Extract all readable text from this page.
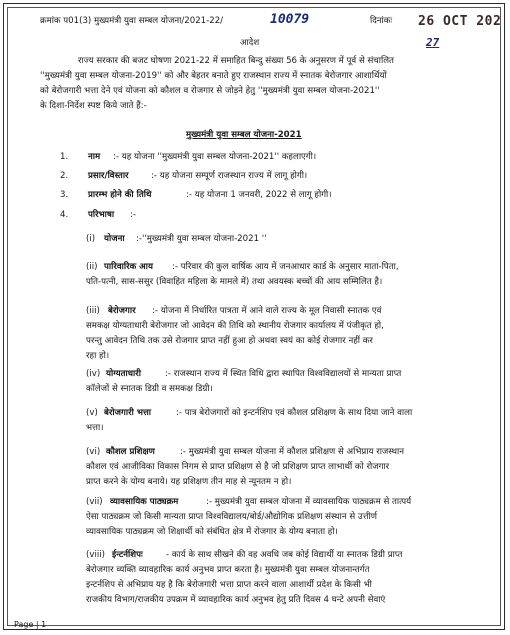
क्रमांक प01(3) मुख्यमंत्री युवा सम्बल योजना/2021-22/	10079	दिनांकः 26 OCT 202
27
आदेश
राज्य सरकार की बजट घोषणा 2021-22 में समाहित बिन्दु संख्या 56 के अनुसरण में पूर्व से संचालित
''मुख्यमंत्री युवा सम्बल योजना-2019'' को और बेहतर बनाते हुए राजस्थान राज्य में स्नातक बेरोजगार आशार्थियों
को बेरोजगारी भत्ता देने एवं योजना को कौशल व रोजगार से जोड़ने हेतु ''मुख्यमंत्री युवा सम्बल योजना-2021''
के दिशा-निर्देश स्पष्ट किये जाते हैं:-
मुख्यमंत्री युवा सम्बल योजना-2021
1. नाम :- यह योजना ''मुख्यमंत्री युवा सम्बल योजना-2021'' कहलाएगी।
2. प्रसार/विस्तार	:- यह योजना सम्पूर्ण राजस्थान राज्य में लागू होगी।
3. प्रारम्भ होने की तिथि	:- यह योजना 1 जनवरी, 2022 से लागू होगी।
4. परिभाषा :-
(i) योजना :-''मुख्यमंत्री युवा सम्बल योजना-2021 ''
(ii) पारिवारिक आय :- परिवार की कुल वार्षिक आय में जनआधार कार्ड के अनुसार माता-पिता,
पति-पत्नी, सास-ससुर (विवाहित महिला के मामले में) तथा अवयस्क बच्चों की आय सम्मिलित है।
(iii) बेरोजगार :- योजना में निर्धारित पात्रता में आने वाले राज्य के मूल निवासी स्नातक एवं
समकक्ष योग्यताधारी बेरोजगार जो आवेदन की तिथि को स्थानीय रोजगार कार्यालय में पंजीकृत हो,
परन्तु आवेदन तिथि तक उसे रोजगार प्राप्त नहीं हुआ हो अथवा स्वयं का कोई रोजगार नहीं कर
रहा हो।
(iv) योग्यताधारी	:- राजस्थान राज्य में स्थित विधि द्वारा स्थापित विश्वविद्यालयों से मान्यता प्राप्त
कॉलेजों से स्नातक डिग्री व समकक्ष डिग्री।
(v) बेरोजगारी भत्ता	:- पात्र बेरोजगारों को इन्टर्नशिप एवं कौशल प्रशिक्षण के साथ दिया जाने वाला
भत्ता।
(vi) कौशल प्रशिक्षण	:- मुख्यमंत्री युवा सम्बल योजना में कौशल प्रशिक्षण से अभिप्राय राजस्थान
कौशल एवं आजीविका विकास निगम से प्राप्त प्रशिक्षण से है जो प्रशिक्षण प्राप्त लाभार्थी को रोजगार
प्राप्त करने के योग्य बनाये। यह प्रशिक्षण तीन माह से न्यूनतम न हो।
(vii) व्यावसायिक पाठ्यक्रम	:- मुख्यमंत्री युवा सम्बल योजना में व्यावसायिक पाठ्यक्रम से तात्पर्य
ऐसा पाठ्यक्रम जो किसी मान्यता प्राप्त विश्वविद्यालय/बोर्ड/औद्योगिक प्रशिक्षण संस्थान से उत्तीर्ण
व्यावसायिक पाठ्यक्रम जो शिक्षार्थी को संबंधित क्षेत्र में रोजगार के योग्य बनाता हो।
(viii) ईन्टर्नशिपः	- कार्य के साथ सीखने की वह अवधि जब कोई विद्यार्थी या स्नातक डिग्री प्राप्त
बेरोजगार व्यक्ति व्यावहारिक कार्य अनुभव प्राप्त करता है। मुख्यमंत्री युवा सम्बल योजनान्तर्गत
इन्टर्नशिप से अभिप्राय यह है कि बेरोजगारी भत्ता प्राप्त करने वाला आशार्थी प्रदेश के किसी भी
राजकीय विभाग/राजकीय उपक्रम में व्यावहारिक कार्य अनुभव हेतु प्रति दिवस 4 घन्टे अपनी सेवाएं
Page | 1
